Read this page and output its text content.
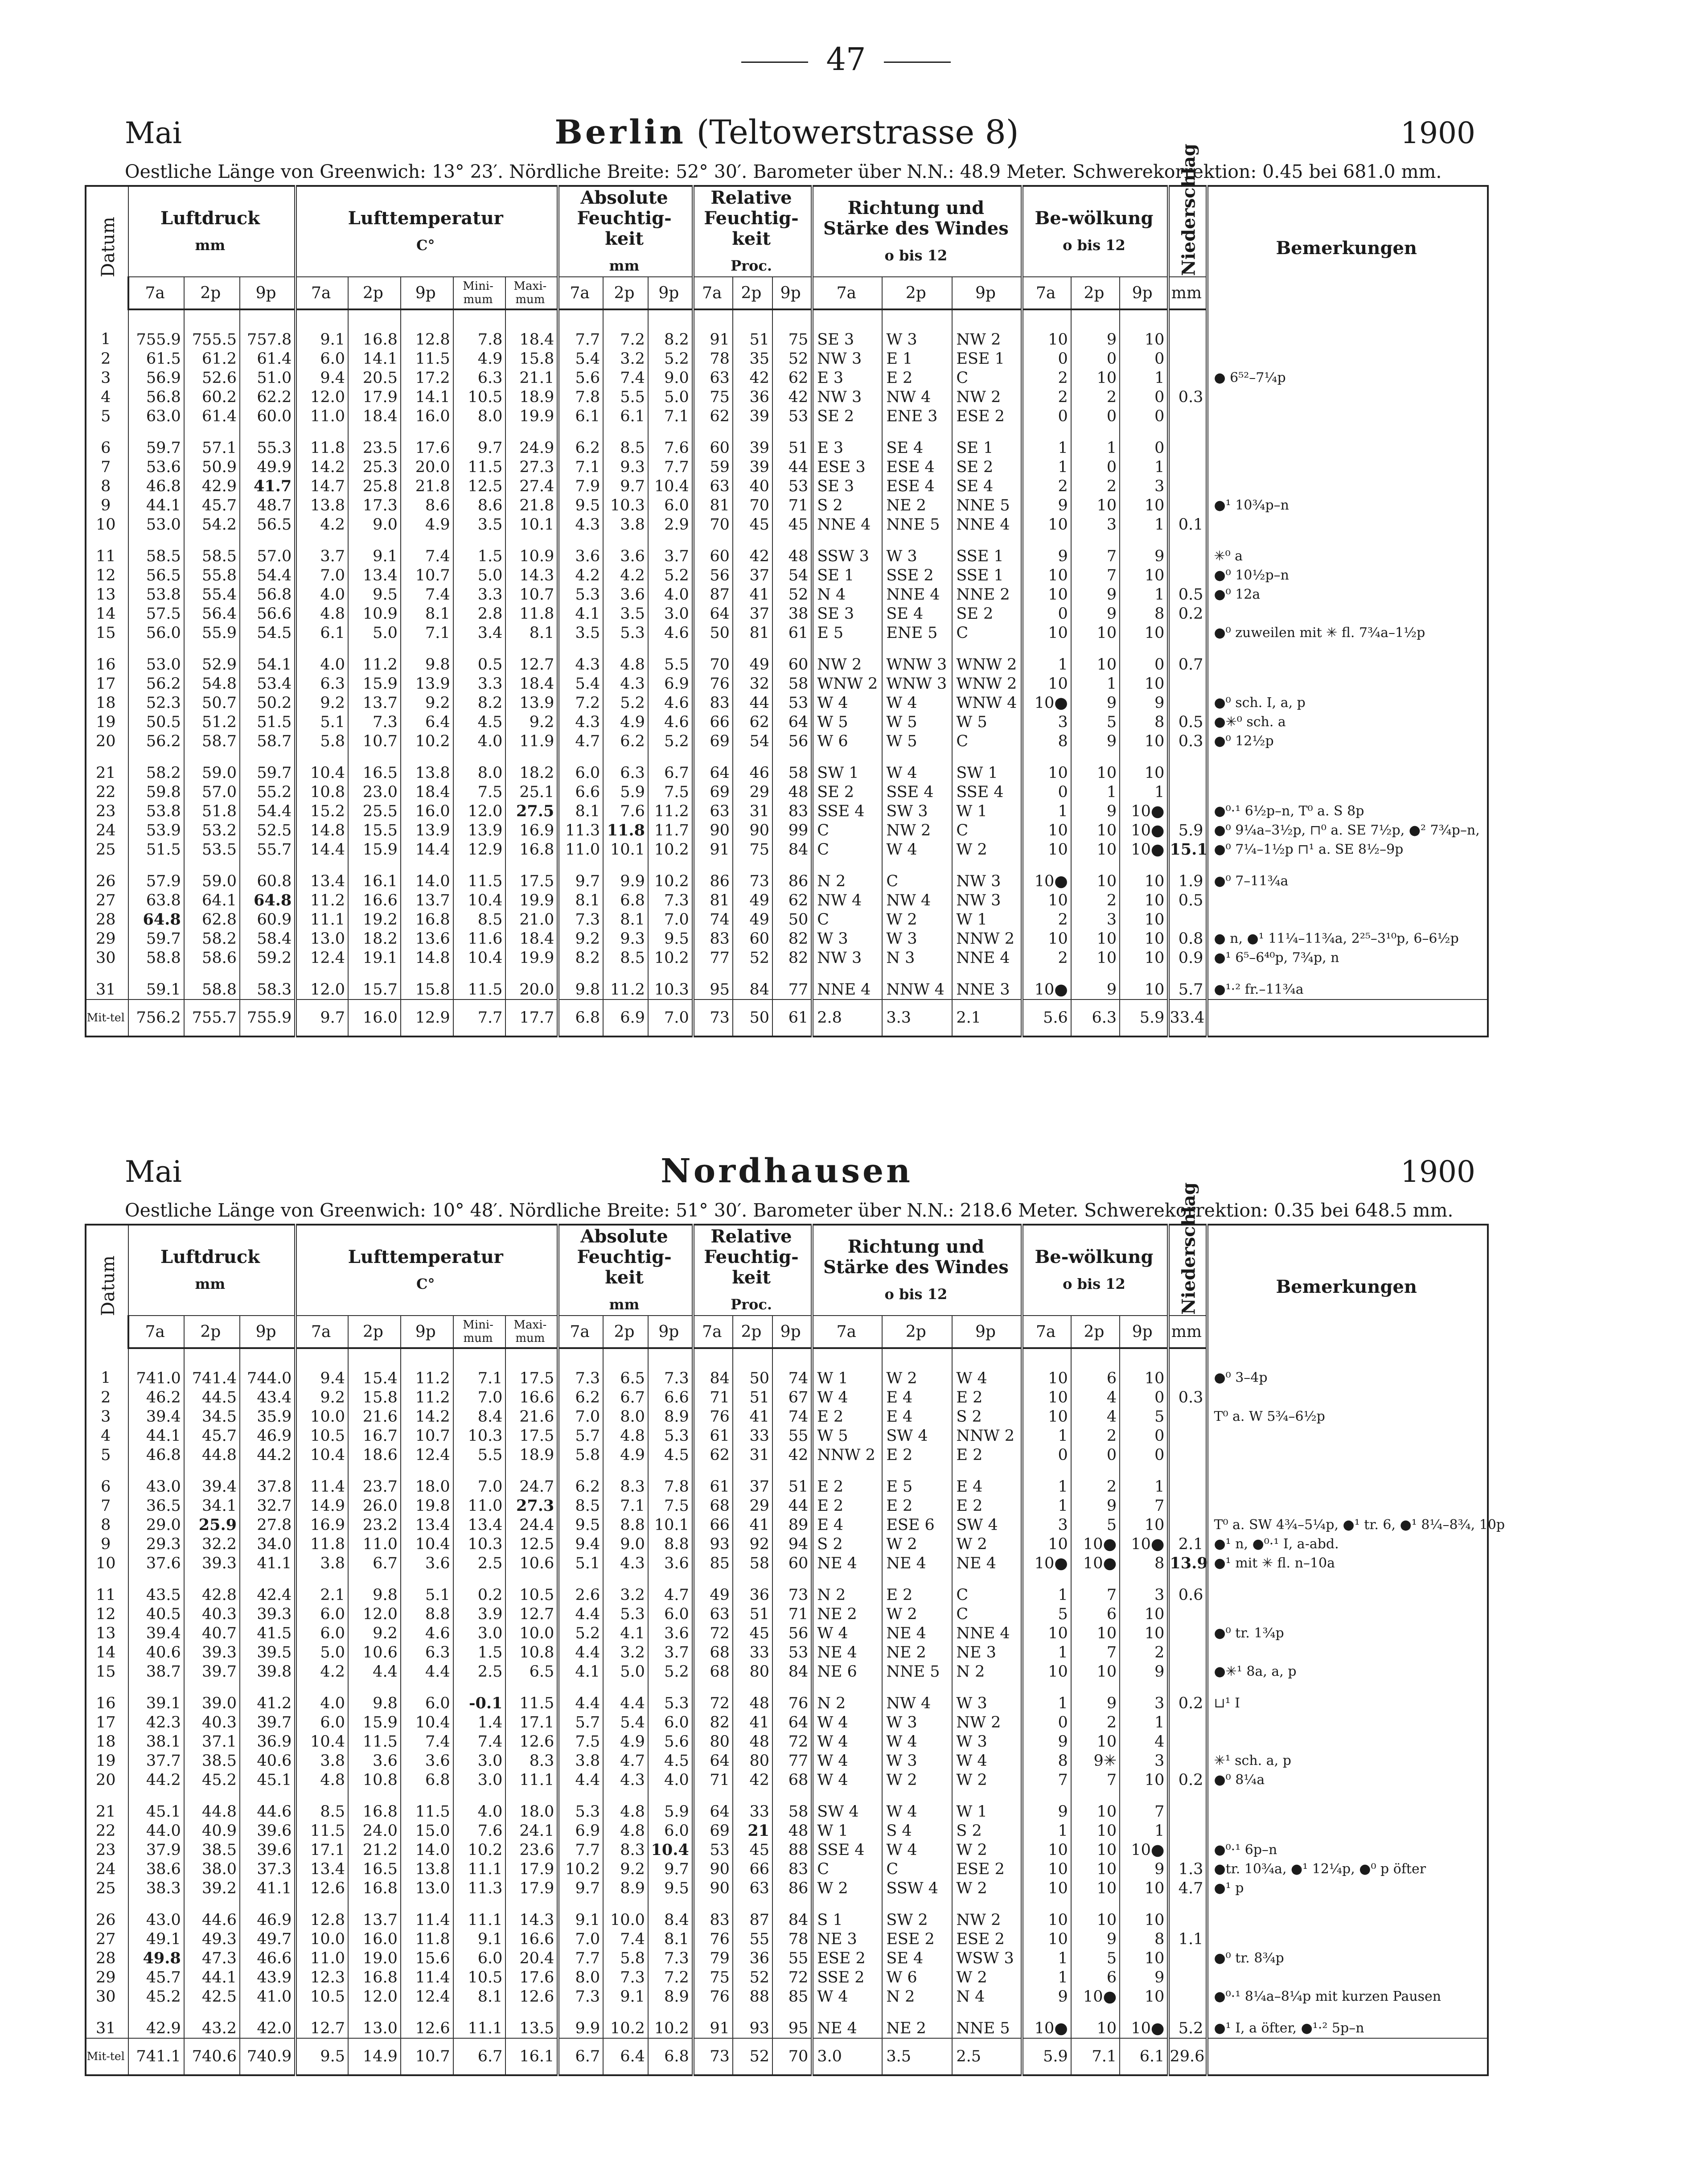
47
Mai	Berlin (Teltowerstrasse 8)	1900
Oestliche Länge von Greenwich: 13° 23′. Nördliche Breite: 52° 30′. Barometer über N.N.: 48.9 Meter. Schwerekorrektion: 0.45 bei 681.0 mm.
Datum	Luftdruck
mm			Lufttemperatur
C°					Absolute Feuchtig-keit
mm			Relative Feuchtig-keit
Proc.			Richtung und Stärke des Windes
o bis 12			Be-wölkung
o bis 12			Niederschlag	Bemerkungen
	7a	2p	9p	7a	2p	9p	Mini-mum	Maxi-mum	7a	2p	9p	7a	2p	9p	7a	2p	9p	7a	2p	9p	mm	
1	755.9	755.5	757.8	9.1	16.8	12.8	7.8	18.4	7.7	7.2	8.2	91	51	75	SE 3	W 3	NW 2	10	9	10		
2	61.5	61.2	61.4	6.0	14.1	11.5	4.9	15.8	5.4	3.2	5.2	78	35	52	NW 3	E 1	ESE 1	0	0	0		
3	56.9	52.6	51.0	9.4	20.5	17.2	6.3	21.1	5.6	7.4	9.0	63	42	62	E 3	E 2	C	2	10	1		● 6⁵²–7¼p
4	56.8	60.2	62.2	12.0	17.9	14.1	10.5	18.9	7.8	5.5	5.0	75	36	42	NW 3	NW 4	NW 2	2	2	0	0.3	
5	63.0	61.4	60.0	11.0	18.4	16.0	8.0	19.9	6.1	6.1	7.1	62	39	53	SE 2	ENE 3	ESE 2	0	0	0		
6	59.7	57.1	55.3	11.8	23.5	17.6	9.7	24.9	6.2	8.5	7.6	60	39	51	E 3	SE 4	SE 1	1	1	0		
7	53.6	50.9	49.9	14.2	25.3	20.0	11.5	27.3	7.1	9.3	7.7	59	39	44	ESE 3	ESE 4	SE 2	1	0	1		
8	46.8	42.9	41.7	14.7	25.8	21.8	12.5	27.4	7.9	9.7	10.4	63	40	53	SE 3	ESE 4	SE 4	2	2	3		
9	44.1	45.7	48.7	13.8	17.3	8.6	8.6	21.8	9.5	10.3	6.0	81	70	71	S 2	NE 2	NNE 5	9	10	10		●¹ 10¾p–n
10	53.0	54.2	56.5	4.2	9.0	4.9	3.5	10.1	4.3	3.8	2.9	70	45	45	NNE 4	NNE 5	NNE 4	10	3	1	0.1	
11	58.5	58.5	57.0	3.7	9.1	7.4	1.5	10.9	3.6	3.6	3.7	60	42	48	SSW 3	W 3	SSE 1	9	7	9		✳⁰ a
12	56.5	55.8	54.4	7.0	13.4	10.7	5.0	14.3	4.2	4.2	5.2	56	37	54	SE 1	SSE 2	SSE 1	10	7	10		●⁰ 10½p–n
13	53.8	55.4	56.8	4.0	9.5	7.4	3.3	10.7	5.3	3.6	4.0	87	41	52	N 4	NNE 4	NNE 2	10	9	1	0.5	●⁰ 12a
14	57.5	56.4	56.6	4.8	10.9	8.1	2.8	11.8	4.1	3.5	3.0	64	37	38	SE 3	SE 4	SE 2	0	9	8	0.2	
15	56.0	55.9	54.5	6.1	5.0	7.1	3.4	8.1	3.5	5.3	4.6	50	81	61	E 5	ENE 5	C	10	10	10		●⁰ zuweilen mit ✳ fl. 7¾a–1½p
16	53.0	52.9	54.1	4.0	11.2	9.8	0.5	12.7	4.3	4.8	5.5	70	49	60	NW 2	WNW 3	WNW 2	1	10	0	0.7	
17	56.2	54.8	53.4	6.3	15.9	13.9	3.3	18.4	5.4	4.3	6.9	76	32	58	WNW 2	WNW 3	WNW 2	10	1	10		
18	52.3	50.7	50.2	9.2	13.7	9.2	8.2	13.9	7.2	5.2	4.6	83	44	53	W 4	W 4	WNW 4	10●	9	9		●⁰ sch. I, a, p
19	50.5	51.2	51.5	5.1	7.3	6.4	4.5	9.2	4.3	4.9	4.6	66	62	64	W 5	W 5	W 5	3	5	8	0.5	●✳⁰ sch. a
20	56.2	58.7	58.7	5.8	10.7	10.2	4.0	11.9	4.7	6.2	5.2	69	54	56	W 6	W 5	C	8	9	10	0.3	●⁰ 12½p
21	58.2	59.0	59.7	10.4	16.5	13.8	8.0	18.2	6.0	6.3	6.7	64	46	58	SW 1	W 4	SW 1	10	10	10		
22	59.8	57.0	55.2	10.8	23.0	18.4	7.5	25.1	6.6	5.9	7.5	69	29	48	SE 2	SSE 4	SSE 4	0	1	1		
23	53.8	51.8	54.4	15.2	25.5	16.0	12.0	27.5	8.1	7.6	11.2	63	31	83	SSE 4	SW 3	W 1	1	9	10●		●⁰·¹ 6½p–n, T⁰ a. S 8p
24	53.9	53.2	52.5	14.8	15.5	13.9	13.9	16.9	11.3	11.8	11.7	90	90	99	C	NW 2	C	10	10	10●	5.9	●⁰ 9¼a–3½p, ⊓⁰ a. SE 7½p, ●² 7¾p–n,
25	51.5	53.5	55.7	14.4	15.9	14.4	12.9	16.8	11.0	10.1	10.2	91	75	84	C	W 4	W 2	10	10	10●	15.1	●⁰ 7¼–1½p ⊓¹ a. SE 8½–9p
26	57.9	59.0	60.8	13.4	16.1	14.0	11.5	17.5	9.7	9.9	10.2	86	73	86	N 2	C	NW 3	10●	10	10	1.9	●⁰ 7–11¾a
27	63.8	64.1	64.8	11.2	16.6	13.7	10.4	19.9	8.1	6.8	7.3	81	49	62	NW 4	NW 4	NW 3	10	2	10	0.5	
28	64.8	62.8	60.9	11.1	19.2	16.8	8.5	21.0	7.3	8.1	7.0	74	49	50	C	W 2	W 1	2	3	10		
29	59.7	58.2	58.4	13.0	18.2	13.6	11.6	18.4	9.2	9.3	9.5	83	60	82	W 3	W 3	NNW 2	10	10	10	0.8	● n, ●¹ 11¼–11¾a, 2²⁵–3¹⁰p, 6–6½p
30	58.8	58.6	59.2	12.4	19.1	14.8	10.4	19.9	8.2	8.5	10.2	77	52	82	NW 3	N 3	NNE 4	2	10	10	0.9	●¹ 6⁵–6⁴⁰p, 7¾p, n
31	59.1	58.8	58.3	12.0	15.7	15.8	11.5	20.0	9.8	11.2	10.3	95	84	77	NNE 4	NNW 4	NNE 3	10●	9	10	5.7	●¹·² fr.–11¾a
Mit-tel	756.2	755.7	755.9	9.7	16.0	12.9	7.7	17.7	6.8	6.9	7.0	73	50	61	2.8	3.3	2.1	5.6	6.3	5.9	33.4	
Mai	Nordhausen	1900
Oestliche Länge von Greenwich: 10° 48′. Nördliche Breite: 51° 30′. Barometer über N.N.: 218.6 Meter. Schwerekorrektion: 0.35 bei 648.5 mm.
Datum	Luftdruck
mm			Lufttemperatur
C°					Absolute Feuchtig-keit
mm			Relative Feuchtig-keit
Proc.			Richtung und Stärke des Windes
o bis 12			Be-wölkung
o bis 12			Niederschlag	Bemerkungen
	7a	2p	9p	7a	2p	9p	Mini-mum	Maxi-mum	7a	2p	9p	7a	2p	9p	7a	2p	9p	7a	2p	9p	mm	
1	741.0	741.4	744.0	9.4	15.4	11.2	7.1	17.5	7.3	6.5	7.3	84	50	74	W 1	W 2	W 4	10	6	10		●⁰ 3–4p
2	46.2	44.5	43.4	9.2	15.8	11.2	7.0	16.6	6.2	6.7	6.6	71	51	67	W 4	E 4	E 2	10	4	0	0.3	
3	39.4	34.5	35.9	10.0	21.6	14.2	8.4	21.6	7.0	8.0	8.9	76	41	74	E 2	E 4	S 2	10	4	5		T⁰ a. W 5¾–6½p
4	44.1	45.7	46.9	10.5	16.7	10.7	10.3	17.5	5.7	4.8	5.3	61	33	55	W 5	SW 4	NNW 2	1	2	0		
5	46.8	44.8	44.2	10.4	18.6	12.4	5.5	18.9	5.8	4.9	4.5	62	31	42	NNW 2	E 2	E 2	0	0	0		
6	43.0	39.4	37.8	11.4	23.7	18.0	7.0	24.7	6.2	8.3	7.8	61	37	51	E 2	E 5	E 4	1	2	1		
7	36.5	34.1	32.7	14.9	26.0	19.8	11.0	27.3	8.5	7.1	7.5	68	29	44	E 2	E 2	E 2	1	9	7		
8	29.0	25.9	27.8	16.9	23.2	13.4	13.4	24.4	9.5	8.8	10.1	66	41	89	E 4	ESE 6	SW 4	3	5	10		T⁰ a. SW 4¾–5¼p, ●¹ tr. 6, ●¹ 8¼–8¾, 10p
9	29.3	32.2	34.0	11.8	11.0	10.4	10.3	12.5	9.4	9.0	8.8	93	92	94	S 2	W 2	W 2	10	10●	10●	2.1	●¹ n, ●⁰·¹ I, a-abd.
10	37.6	39.3	41.1	3.8	6.7	3.6	2.5	10.6	5.1	4.3	3.6	85	58	60	NE 4	NE 4	NE 4	10●	10●	8	13.9	●¹ mit ✳ fl. n–10a
11	43.5	42.8	42.4	2.1	9.8	5.1	0.2	10.5	2.6	3.2	4.7	49	36	73	N 2	E 2	C	1	7	3	0.6	
12	40.5	40.3	39.3	6.0	12.0	8.8	3.9	12.7	4.4	5.3	6.0	63	51	71	NE 2	W 2	C	5	6	10		
13	39.4	40.7	41.5	6.0	9.2	4.6	3.0	10.0	5.2	4.1	3.6	72	45	56	W 4	NE 4	NNE 4	10	10	10		●⁰ tr. 1¾p
14	40.6	39.3	39.5	5.0	10.6	6.3	1.5	10.8	4.4	3.2	3.7	68	33	53	NE 4	NE 2	NE 3	1	7	2		
15	38.7	39.7	39.8	4.2	4.4	4.4	2.5	6.5	4.1	5.0	5.2	68	80	84	NE 6	NNE 5	N 2	10	10	9		●✳¹ 8a, a, p
16	39.1	39.0	41.2	4.0	9.8	6.0	-0.1	11.5	4.4	4.4	5.3	72	48	76	N 2	NW 4	W 3	1	9	3	0.2	⊔¹ I
17	42.3	40.3	39.7	6.0	15.9	10.4	1.4	17.1	5.7	5.4	6.0	82	41	64	W 4	W 3	NW 2	0	2	1		
18	38.1	37.1	36.9	10.4	11.5	7.4	7.4	12.6	7.5	4.9	5.6	80	48	72	W 4	W 4	W 3	9	10	4		
19	37.7	38.5	40.6	3.8	3.6	3.6	3.0	8.3	3.8	4.7	4.5	64	80	77	W 4	W 3	W 4	8	9✳	3		✳¹ sch. a, p
20	44.2	45.2	45.1	4.8	10.8	6.8	3.0	11.1	4.4	4.3	4.0	71	42	68	W 4	W 2	W 2	7	7	10	0.2	●⁰ 8¼a
21	45.1	44.8	44.6	8.5	16.8	11.5	4.0	18.0	5.3	4.8	5.9	64	33	58	SW 4	W 4	W 1	9	10	7		
22	44.0	40.9	39.6	11.5	24.0	15.0	7.6	24.1	6.9	4.8	6.0	69	21	48	W 1	S 4	S 2	1	10	1		
23	37.9	38.5	39.6	17.1	21.2	14.0	10.2	23.6	7.7	8.3	10.4	53	45	88	SSE 4	W 4	W 2	10	10	10●		●⁰·¹ 6p–n
24	38.6	38.0	37.3	13.4	16.5	13.8	11.1	17.9	10.2	9.2	9.7	90	66	83	C	C	ESE 2	10	10	9	1.3	●tr. 10¾a, ●¹ 12¼p, ●⁰ p öfter
25	38.3	39.2	41.1	12.6	16.8	13.0	11.3	17.9	9.7	8.9	9.5	90	63	86	W 2	SSW 4	W 2	10	10	10	4.7	●¹ p
26	43.0	44.6	46.9	12.8	13.7	11.4	11.1	14.3	9.1	10.0	8.4	83	87	84	S 1	SW 2	NW 2	10	10	10		
27	49.1	49.3	49.7	10.0	16.0	11.8	9.1	16.6	7.0	7.4	8.1	76	55	78	NE 3	ESE 2	ESE 2	10	9	8	1.1	
28	49.8	47.3	46.6	11.0	19.0	15.6	6.0	20.4	7.7	5.8	7.3	79	36	55	ESE 2	SE 4	WSW 3	1	5	10		●⁰ tr. 8¾p
29	45.7	44.1	43.9	12.3	16.8	11.4	10.5	17.6	8.0	7.3	7.2	75	52	72	SSE 2	W 6	W 2	1	6	9		
30	45.2	42.5	41.0	10.5	12.0	12.4	8.1	12.6	7.3	9.1	8.9	76	88	85	W 4	N 2	N 4	9	10●	10		●⁰·¹ 8¼a–8¼p mit kurzen Pausen
31	42.9	43.2	42.0	12.7	13.0	12.6	11.1	13.5	9.9	10.2	10.2	91	93	95	NE 4	NE 2	NNE 5	10●	10	10●	5.2	●¹ I, a öfter, ●¹·² 5p–n
Mit-tel	741.1	740.6	740.9	9.5	14.9	10.7	6.7	16.1	6.7	6.4	6.8	73	52	70	3.0	3.5	2.5	5.9	7.1	6.1	29.6	
